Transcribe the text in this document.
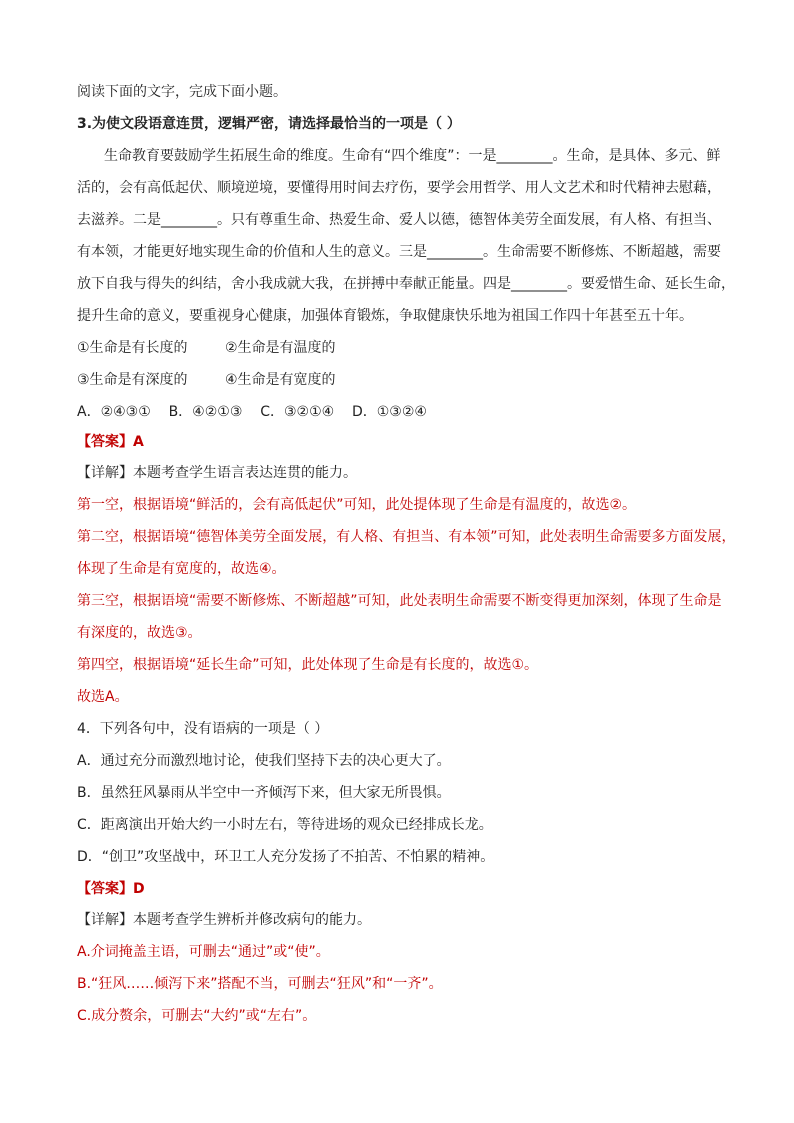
阅读下面的文字，完成下面小题。
3.为使文段语意连贯，逻辑严密，请选择最恰当的一项是（ ）
生命教育要鼓励学生拓展生命的维度。生命有“四个维度”：一是________。生命，是具体、多元、鲜
活的，会有高低起伏、顺境逆境，要懂得用时间去疗伤，要学会用哲学、用人文艺术和时代精神去慰藉，
去滋养。二是________。只有尊重生命、热爱生命、爱人以德，德智体美劳全面发展，有人格、有担当、
有本领，才能更好地实现生命的价值和人生的意义。三是________。生命需要不断修炼、不断超越，需要
放下自我与得失的纠结，舍小我成就大我，在拼搏中奉献正能量。四是________。要爱惜生命、延长生命，
提升生命的意义，要重视身心健康，加强体育锻炼，争取健康快乐地为祖国工作四十年甚至五十年。
①生命是有长度的	②生命是有温度的
③生命是有深度的	④生命是有宽度的
A．②④③①    B．④②①③    C．③②①④    D．①③②④
【答案】A
【详解】本题考查学生语言表达连贯的能力。
第一空，根据语境“鲜活的，会有高低起伏”可知，此处提体现了生命是有温度的，故选②。
第二空，根据语境“德智体美劳全面发展，有人格、有担当、有本领”可知，此处表明生命需要多方面发展，
体现了生命是有宽度的，故选④。
第三空，根据语境“需要不断修炼、不断超越”可知，此处表明生命需要不断变得更加深刻，体现了生命是
有深度的，故选③。
第四空，根据语境“延长生命”可知，此处体现了生命是有长度的，故选①。
故选A。
4．下列各句中，没有语病的一项是（ ）
A．通过充分而激烈地讨论，使我们坚持下去的决心更大了。
B．虽然狂风暴雨从半空中一齐倾泻下来，但大家无所畏惧。
C．距离演出开始大约一小时左右，等待进场的观众已经排成长龙。
D．“创卫”攻坚战中，环卫工人充分发扬了不拍苦、不怕累的精神。
【答案】D
【详解】本题考查学生辨析并修改病句的能力。
A.介词掩盖主语，可删去“通过”或“使”。
B.“狂风……倾泻下来”搭配不当，可删去“狂风”和“一齐”。
C.成分赘余，可删去“大约”或“左右”。
